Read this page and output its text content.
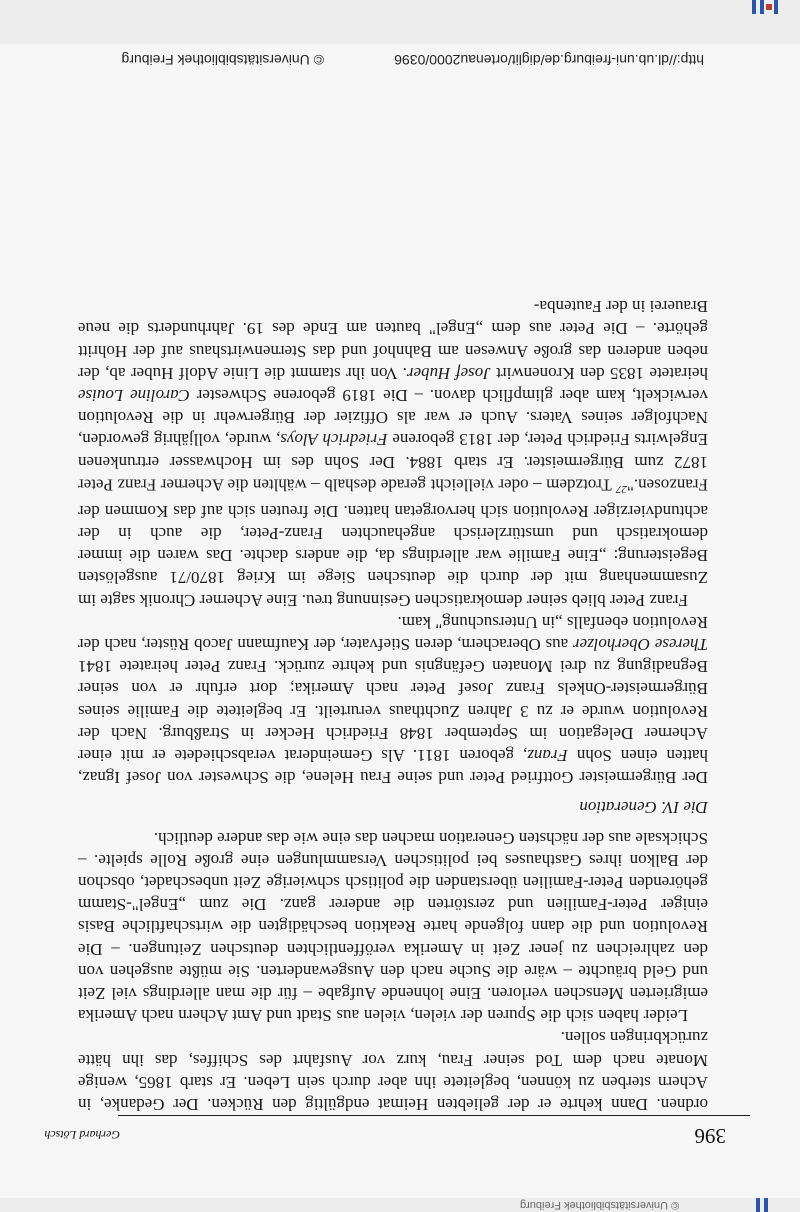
396
Gerhard Lötsch

ordnen. Dann kehrte er der geliebten Heimat endgültig den Rücken. Der Gedanke, in Achern sterben zu können, begleitete ihn aber durch sein Leben. Er starb 1865, wenige Monate nach dem Tod seiner Frau, kurz vor Ausfahrt des Schiffes, das ihn hätte zurückbringen sollen.

Leider haben sich die Spuren der vielen, vielen aus Stadt und Amt Achern nach Amerika emigrierten Menschen verloren. Eine lohnende Aufgabe – für die man allerdings viel Zeit und Geld bräuchte – wäre die Suche nach den Ausgewanderten. Sie müßte ausgehen von den zahlreichen zu jener Zeit in Amerika veröffentlichten deutschen Zeitungen. – Die Revolution und die dann folgende harte Reaktion beschädigten die wirtschaftliche Basis einiger Peter-Familien und zerstörten die anderer ganz. Die zum „Engel"-Stamm gehörenden Peter-Familien überstanden die politisch schwierige Zeit unbeschadet, obschon der Balkon ihres Gasthauses bei politischen Versammlungen eine große Rolle spielte. – Schicksale aus der nächsten Generation machen das eine wie das andere deutlich.

Die IV. Generation

Der Bürgermeister Gottfried Peter und seine Frau Helene, die Schwester von Josef Ignaz, hatten einen Sohn Franz, geboren 1811. Als Gemeinderat verabschiedete er mit einer Acherner Delegation im September 1848 Friedrich Hecker in Straßburg. Nach der Revolution wurde er zu 3 Jahren Zuchthaus verurteilt. Er begleitete die Familie seines Bürgermeister-Onkels Franz Josef Peter nach Amerika; dort erfuhr er von seiner Begnadigung zu drei Monaten Gefängnis und kehrte zurück. Franz Peter heiratete 1841 Therese Oberholzer aus Oberachern, deren Stiefvater, der Kaufmann Jacob Rüster, nach der Revolution ebenfalls „in Untersuchung" kam.

Franz Peter blieb seiner demokratischen Gesinnung treu. Eine Acherner Chronik sagte im Zusammenhang mit der durch die deutschen Siege im Krieg 1870/71 ausgelösten Begeisterung: „Eine Familie war allerdings da, die anders dachte. Das waren die immer demokratisch und umstürzlerisch angehauchten Franz-Peter, die auch in der achtundvierziger Revolution sich hervorgetan hatten. Die freuten sich auf das Kommen der Franzosen."$^{27}$ Trotzdem – oder vielleicht gerade deshalb – wählten die Acherner Franz Peter 1872 zum Bürgermeister. Er starb 1884. Der Sohn des im Hochwasser ertrunkenen Engelwirts Friedrich Peter, der 1813 geborene Friedrich Aloys, wurde, volljährig geworden, Nachfolger seines Vaters. Auch er war als Offizier der Bürgerwehr in die Revolution verwickelt, kam aber glimpflich davon. – Die 1819 geborene Schwester Caroline Louise heiratete 1835 den Kronenwirt Josef Huber. Von ihr stammt die Linie Adolf Huber ab, der neben anderen das große Anwesen am Bahnhof und das Sternenwirtshaus auf der Hohritt gehörte. – Die Peter aus dem „Engel" bauten am Ende des 19. Jahrhunderts die neue Brauerei in der Fautenba-

http://dl.ub.uni-freiburg.de/diglit/ortenau2000/0396
© Universitätsbibliothek Freiburg
© Universitätsbibliothek Freiburg
